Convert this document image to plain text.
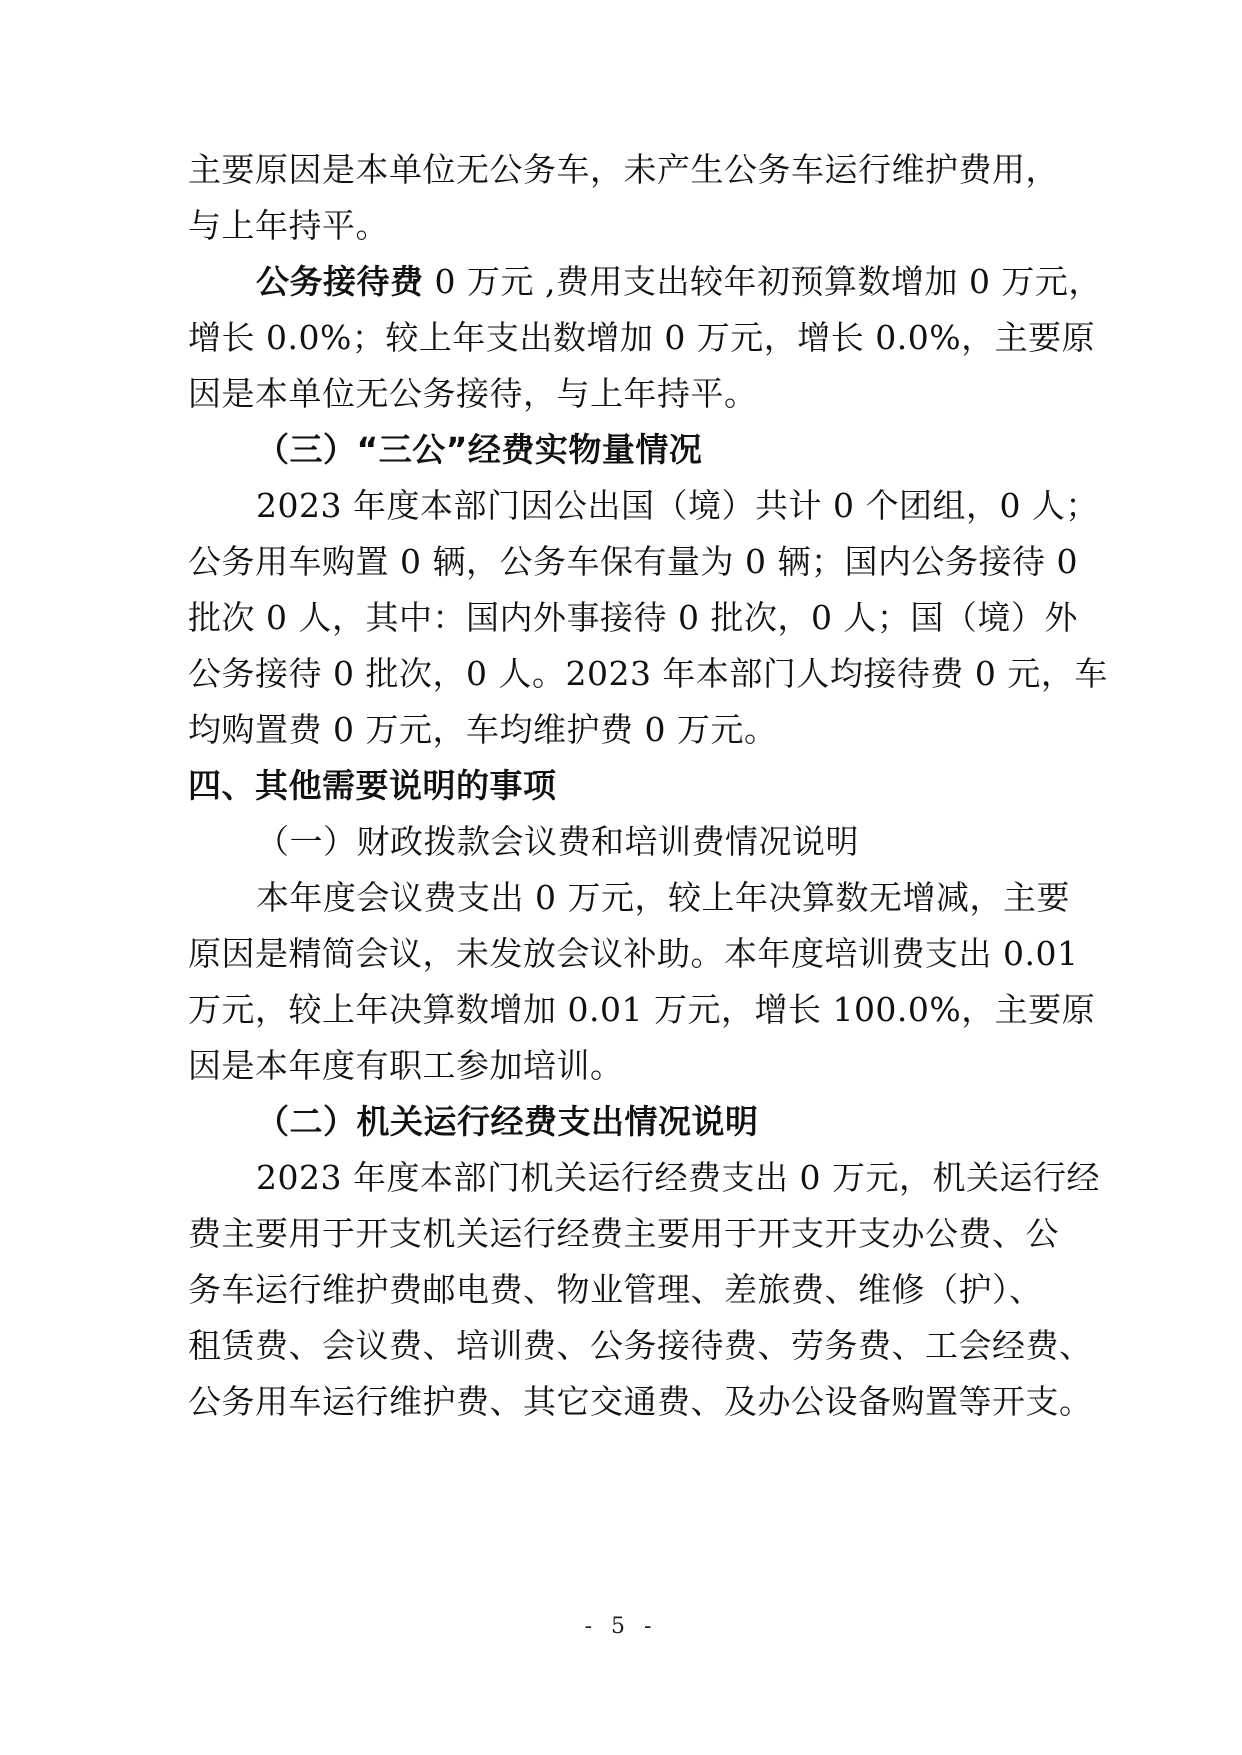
主要原因是本单位无公务车，未产生公务车运行维护费用，
与上年持平。
公务接待费 0 万元 ,费用支出较年初预算数增加 0 万元，
增长 0.0%；较上年支出数增加 0 万元，增长 0.0%，主要原
因是本单位无公务接待，与上年持平。
（三）“三公”经费实物量情况
2023 年度本部门因公出国（境）共计 0 个团组，0 人；
公务用车购置 0 辆，公务车保有量为 0 辆；国内公务接待 0
批次 0 人，其中：国内外事接待 0 批次，0 人；国（境）外
公务接待 0 批次，0 人。2023 年本部门人均接待费 0 元，车
均购置费 0 万元，车均维护费 0 万元。
四、其他需要说明的事项
（一）财政拨款会议费和培训费情况说明
本年度会议费支出 0 万元，较上年决算数无增减，主要
原因是精简会议，未发放会议补助。本年度培训费支出 0.01
万元，较上年决算数增加 0.01 万元，增长 100.0%，主要原
因是本年度有职工参加培训。
（二）机关运行经费支出情况说明
2023 年度本部门机关运行经费支出 0 万元，机关运行经
费主要用于开支机关运行经费主要用于开支开支办公费、公
务车运行维护费邮电费、物业管理、差旅费、维修（护）、
租赁费、会议费、培训费、公务接待费、劳务费、工会经费、
公务用车运行维护费、其它交通费、及办公设备购置等开支。
- 5 -
